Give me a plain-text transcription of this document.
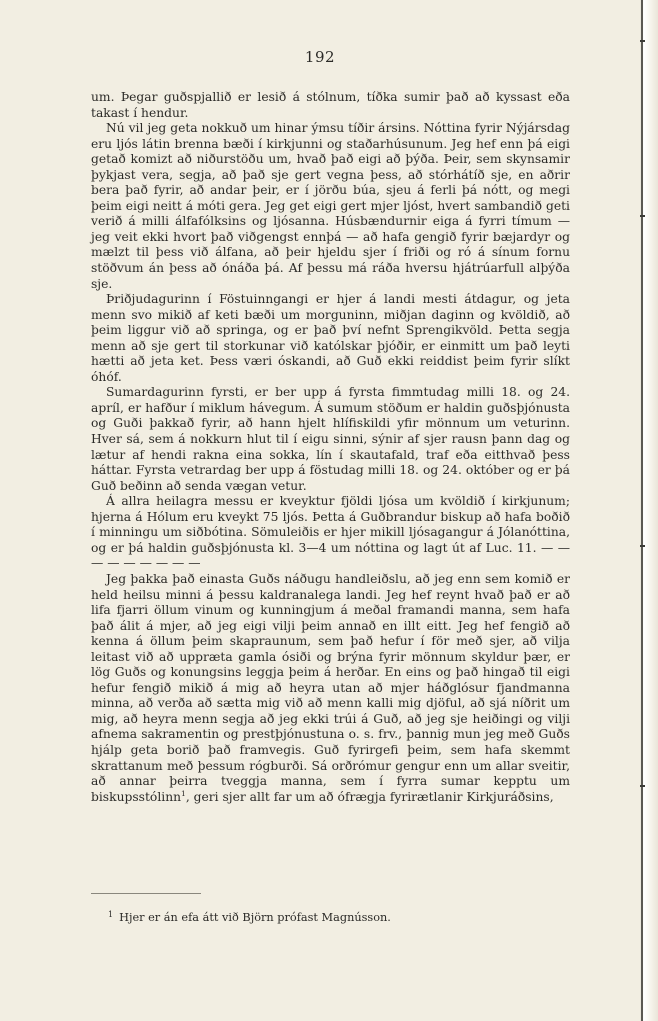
192

um. Þegar guðspjallið er lesið á stólnum, tíðka sumir það að kyssast eða takast í hendur.

Nú vil jeg geta nokkuð um hinar ýmsu tíðir ársins. Nóttina fyrir Nýjársdag eru ljós látin brenna bæði í kirkjunni og staðarhúsunum. Jeg hef enn þá eigi getað komizt að niðurstöðu um, hvað það eigi að þýða. Þeir, sem skynsamir þykjast vera, segja, að það sje gert vegna þess, að stórhátíð sje, en aðrir bera það fyrir, að andar þeir, er í jörðu búa, sjeu á ferli þá nótt, og megi þeim eigi neitt á móti gera. Jeg get eigi gert mjer ljóst, hvert sambandið geti verið á milli álfafólksins og ljósanna. Húsbændurnir eiga á fyrri tímum — jeg veit ekki hvort það viðgengst ennþá — að hafa gengið fyrir bæjardyr og mælzt til þess við álfana, að þeir hjeldu sjer í friði og ró á sínum fornu stöðvum án þess að ónáða þá. Af þessu má ráða hversu hjátrúarfull alþýða sje.

Þriðjudagurinn í Föstuinngangi er hjer á landi mesti átdagur, og jeta menn svo mikið af keti bæði um morguninn, miðjan daginn og kvöldið, að þeim liggur við að springa, og er það því nefnt Sprengikvöld. Þetta segja menn að sje gert til storkunar við katólskar þjóðir, er einmitt um það leyti hætti að jeta ket. Þess væri óskandi, að Guð ekki reiddist þeim fyrir slíkt óhóf.

Sumardagurinn fyrsti, er ber upp á fyrsta fimmtudag milli 18. og 24. apríl, er hafður í miklum hávegum. Á sumum stöðum er haldin guðsþjónusta og Guði þakkað fyrir, að hann hjelt hlífiskildi yfir mönnum um veturinn. Hver sá, sem á nokkurn hlut til í eigu sinni, sýnir af sjer rausn þann dag og lætur af hendi rakna eina sokka, lín í skautafald, traf eða eitthvað þess háttar. Fyrsta vetrardag ber upp á föstudag milli 18. og 24. október og er þá Guð beðinn að senda vægan vetur.

Á allra heilagra messu er kveyktur fjöldi ljósa um kvöldið í kirkjunum; hjerna á Hólum eru kveykt 75 ljós. Þetta á Guðbrandur biskup að hafa boðið í minningu um siðbótina. Sömuleiðis er hjer mikill ljósagangur á Jólanóttina, og er þá haldin guðsþjónusta kl. 3—4 um nóttina og lagt út af Luc. 11. — — — — — — — — —

Jeg þakka það einasta Guðs náðugu handleiðslu, að jeg enn sem komið er held heilsu minni á þessu kaldranalega landi. Jeg hef reynt hvað það er að lifa fjarri öllum vinum og kunningjum á meðal framandi manna, sem hafa það álit á mjer, að jeg eigi vilji þeim annað en illt eitt. Jeg hef fengið að kenna á öllum þeim skapraunum, sem það hefur í för með sjer, að vilja leitast við að uppræta gamla ósiði og brýna fyrir mönnum skyldur þær, er lög Guðs og konungsins leggja þeim á herðar. En eins og það hingað til eigi hefur fengið mikið á mig að heyra utan að mjer háðglósur fjandmanna minna, að verða að sætta mig við að menn kalli mig djöful, að sjá níðrit um mig, að heyra menn segja að jeg ekki trúi á Guð, að jeg sje heiðingi og vilji afnema sakramentin og prestþjónustuna o. s. frv., þannig mun jeg með Guðs hjálp geta borið það framvegis. Guð fyrirgefi þeim, sem hafa skemmt skrattanum með þessum rógburði. Sá orðrómur gengur enn um allar sveitir, að annar þeirra tveggja manna, sem í fyrra sumar kepptu um biskupsstólinn$^1$, geri sjer allt far um að ófrægja fyrirætlanir Kirkjuráðsins,

$^1$ Hjer er án efa átt við Björn prófast Magnússon.
